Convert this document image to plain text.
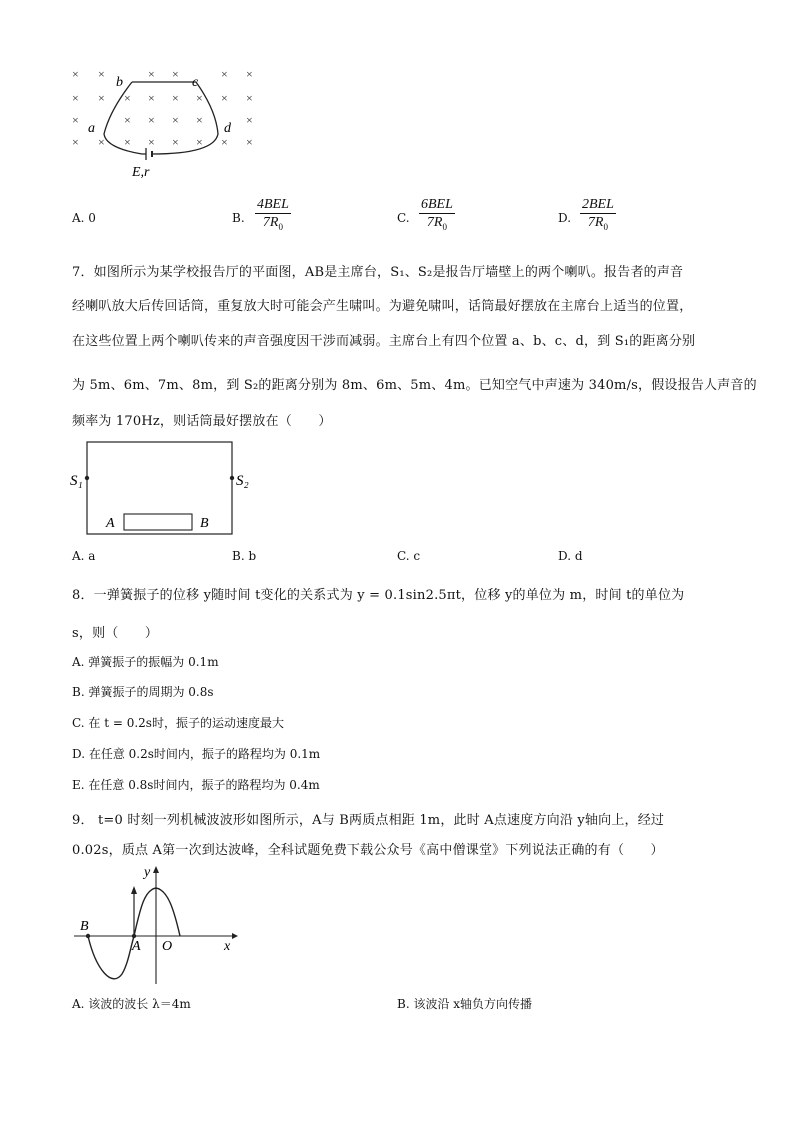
× ×	× ×	× ×
× × × × × × × ×
×	× × × ×	×
× × × × × × × ×
b	c
a	d
E,r
A. 0	B.
4BEL
$7R_0$
C.
6BEL
$7R_0$
D.
2BEL
$7R_0$
7．如图所示为某学校报告厅的平面图，AB是主席台，S₁、S₂是报告厅墙壁上的两个喇叭。报告者的声音
经喇叭放大后传回话筒，重复放大时可能会产生啸叫。为避免啸叫，话筒最好摆放在主席台上适当的位置，
在这些位置上两个喇叭传来的声音强度因干涉而减弱。主席台上有四个位置 a、b、c、d，到 S₁的距离分别
为 5m、6m、7m、8m，到 S₂的距离分别为 8m、6m、5m、4m。已知空气中声速为 340m/s，假设报告人声音的
频率为 170Hz，则话筒最好摆放在（　　）
S₁	S₂
A	B
A. a	B. b	C. c	D. d
8．一弹簧振子的位移 y随时间 t变化的关系式为 y = 0.1sin2.5πt，位移 y的单位为 m，时间 t的单位为
s，则（　　）
A. 弹簧振子的振幅为 0.1m
B. 弹簧振子的周期为 0.8s
C. 在 t = 0.2s时，振子的运动速度最大
D. 在任意 0.2s时间内，振子的路程均为 0.1m
E. 在任意 0.8s时间内，振子的路程均为 0.4m
9． t=0 时刻一列机械波波形如图所示，A与 B两质点相距 1m，此时 A点速度方向沿 y轴向上，经过
0.02s，质点 A第一次到达波峰，全科试题免费下载公众号《高中僧课堂》下列说法正确的有（　　）
y
x
B
A O
A. 该波的波长 λ＝4m	B. 该波沿 x轴负方向传播
